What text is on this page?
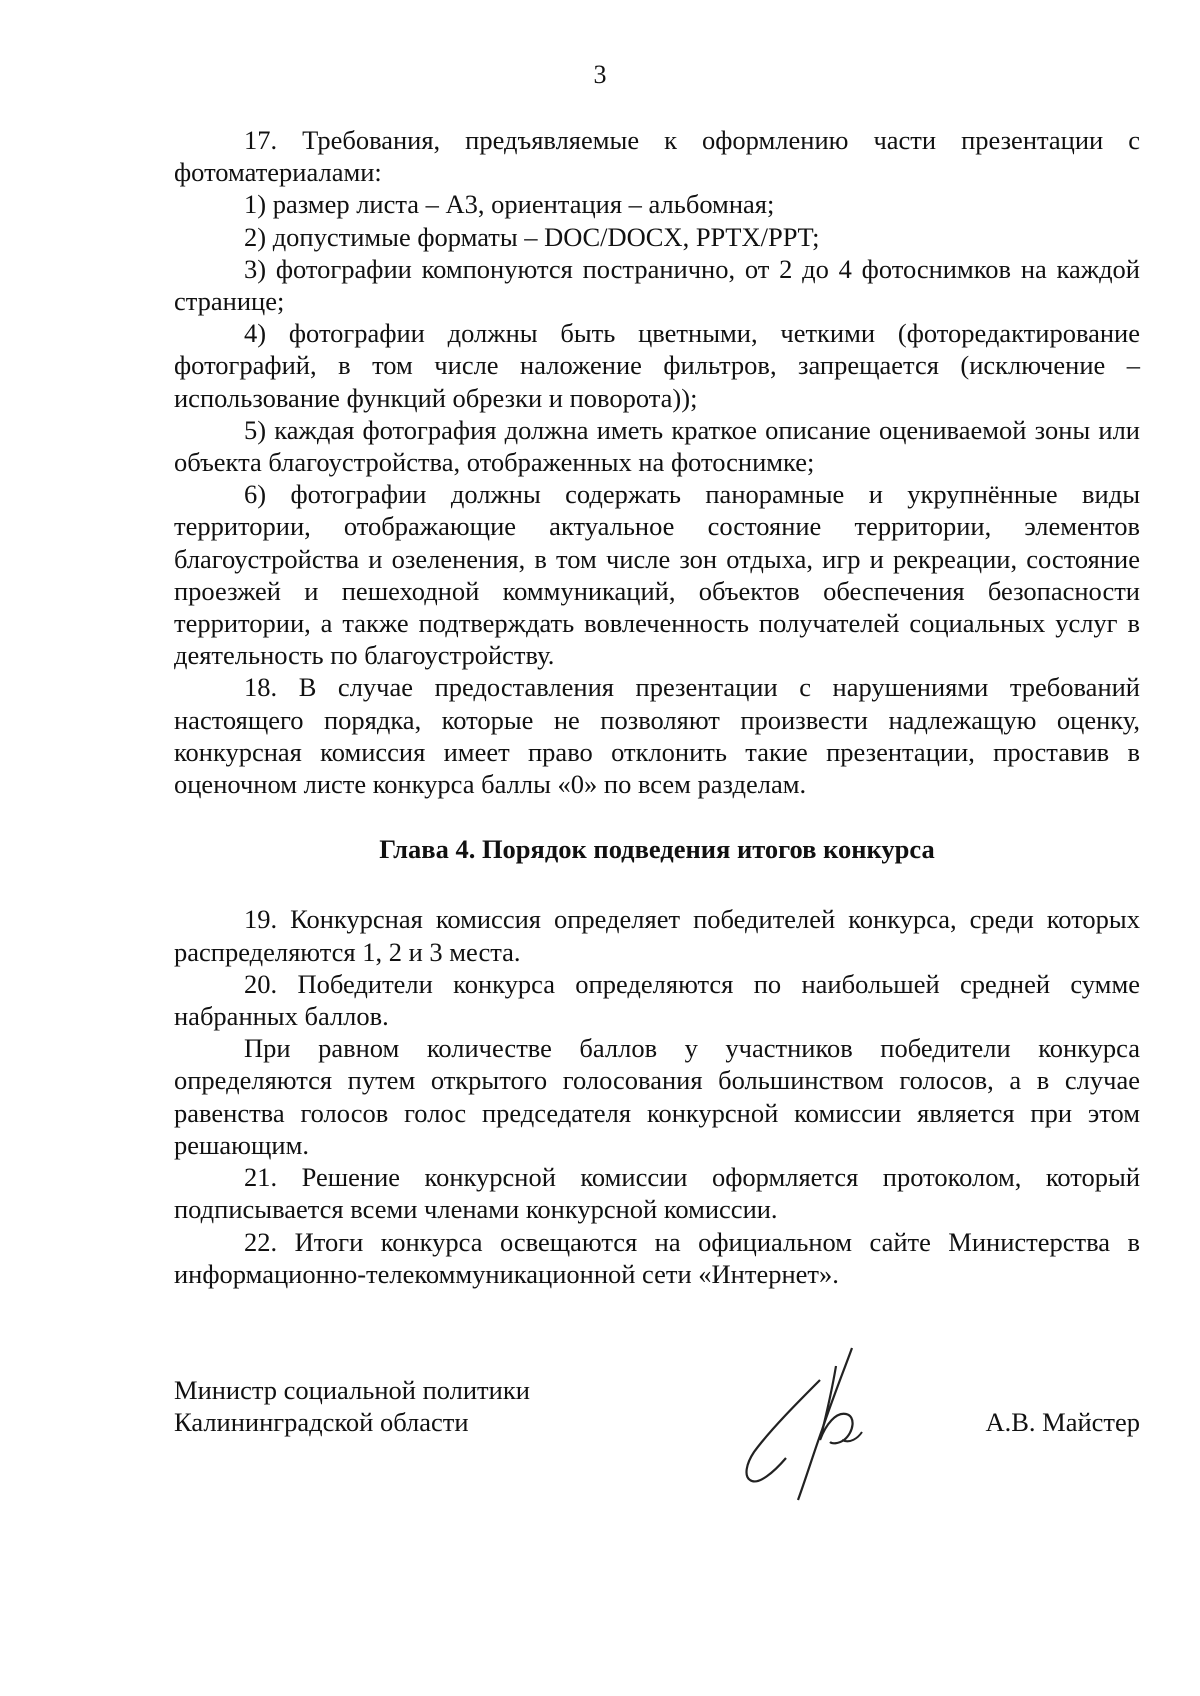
3

17. Требования, предъявляемые к оформлению части презентации с фотоматериалами:

1) размер листа – А3, ориентация – альбомная;

2) допустимые форматы – DOC/DOCX, PPTX/PPT;

3) фотографии компонуются постранично, от 2 до 4 фотоснимков на каждой странице;

4) фотографии должны быть цветными, четкими (фоторедактирование фотографий, в том числе наложение фильтров, запрещается (исключение – использование функций обрезки и поворота));

5) каждая фотография должна иметь краткое описание оцениваемой зоны или объекта благоустройства, отображенных на фотоснимке;

6) фотографии должны содержать панорамные и укрупнённые виды территории, отображающие актуальное состояние территории, элементов благоустройства и озеленения, в том числе зон отдыха, игр и рекреации, состояние проезжей и пешеходной коммуникаций, объектов обеспечения безопасности территории, а также подтверждать вовлеченность получателей социальных услуг в деятельность по благоустройству.

18. В случае предоставления презентации с нарушениями требований настоящего порядка, которые не позволяют произвести надлежащую оценку, конкурсная комиссия имеет право отклонить такие презентации, проставив в оценочном листе конкурса баллы «0» по всем разделам.

Глава 4. Порядок подведения итогов конкурса

19. Конкурсная комиссия определяет победителей конкурса, среди которых распределяются 1, 2 и 3 места.

20. Победители конкурса определяются по наибольшей средней сумме набранных баллов.

При равном количестве баллов у участников победители конкурса определяются путем открытого голосования большинством голосов, а в случае равенства голосов голос председателя конкурсной комиссии является при этом решающим.

21. Решение конкурсной комиссии оформляется протоколом, который подписывается всеми членами конкурсной комиссии.

22. Итоги конкурса освещаются на официальном сайте Министерства в информационно-телекоммуникационной сети «Интернет».

Министр социальной политики

Калининградской области	А.В. Майстер
